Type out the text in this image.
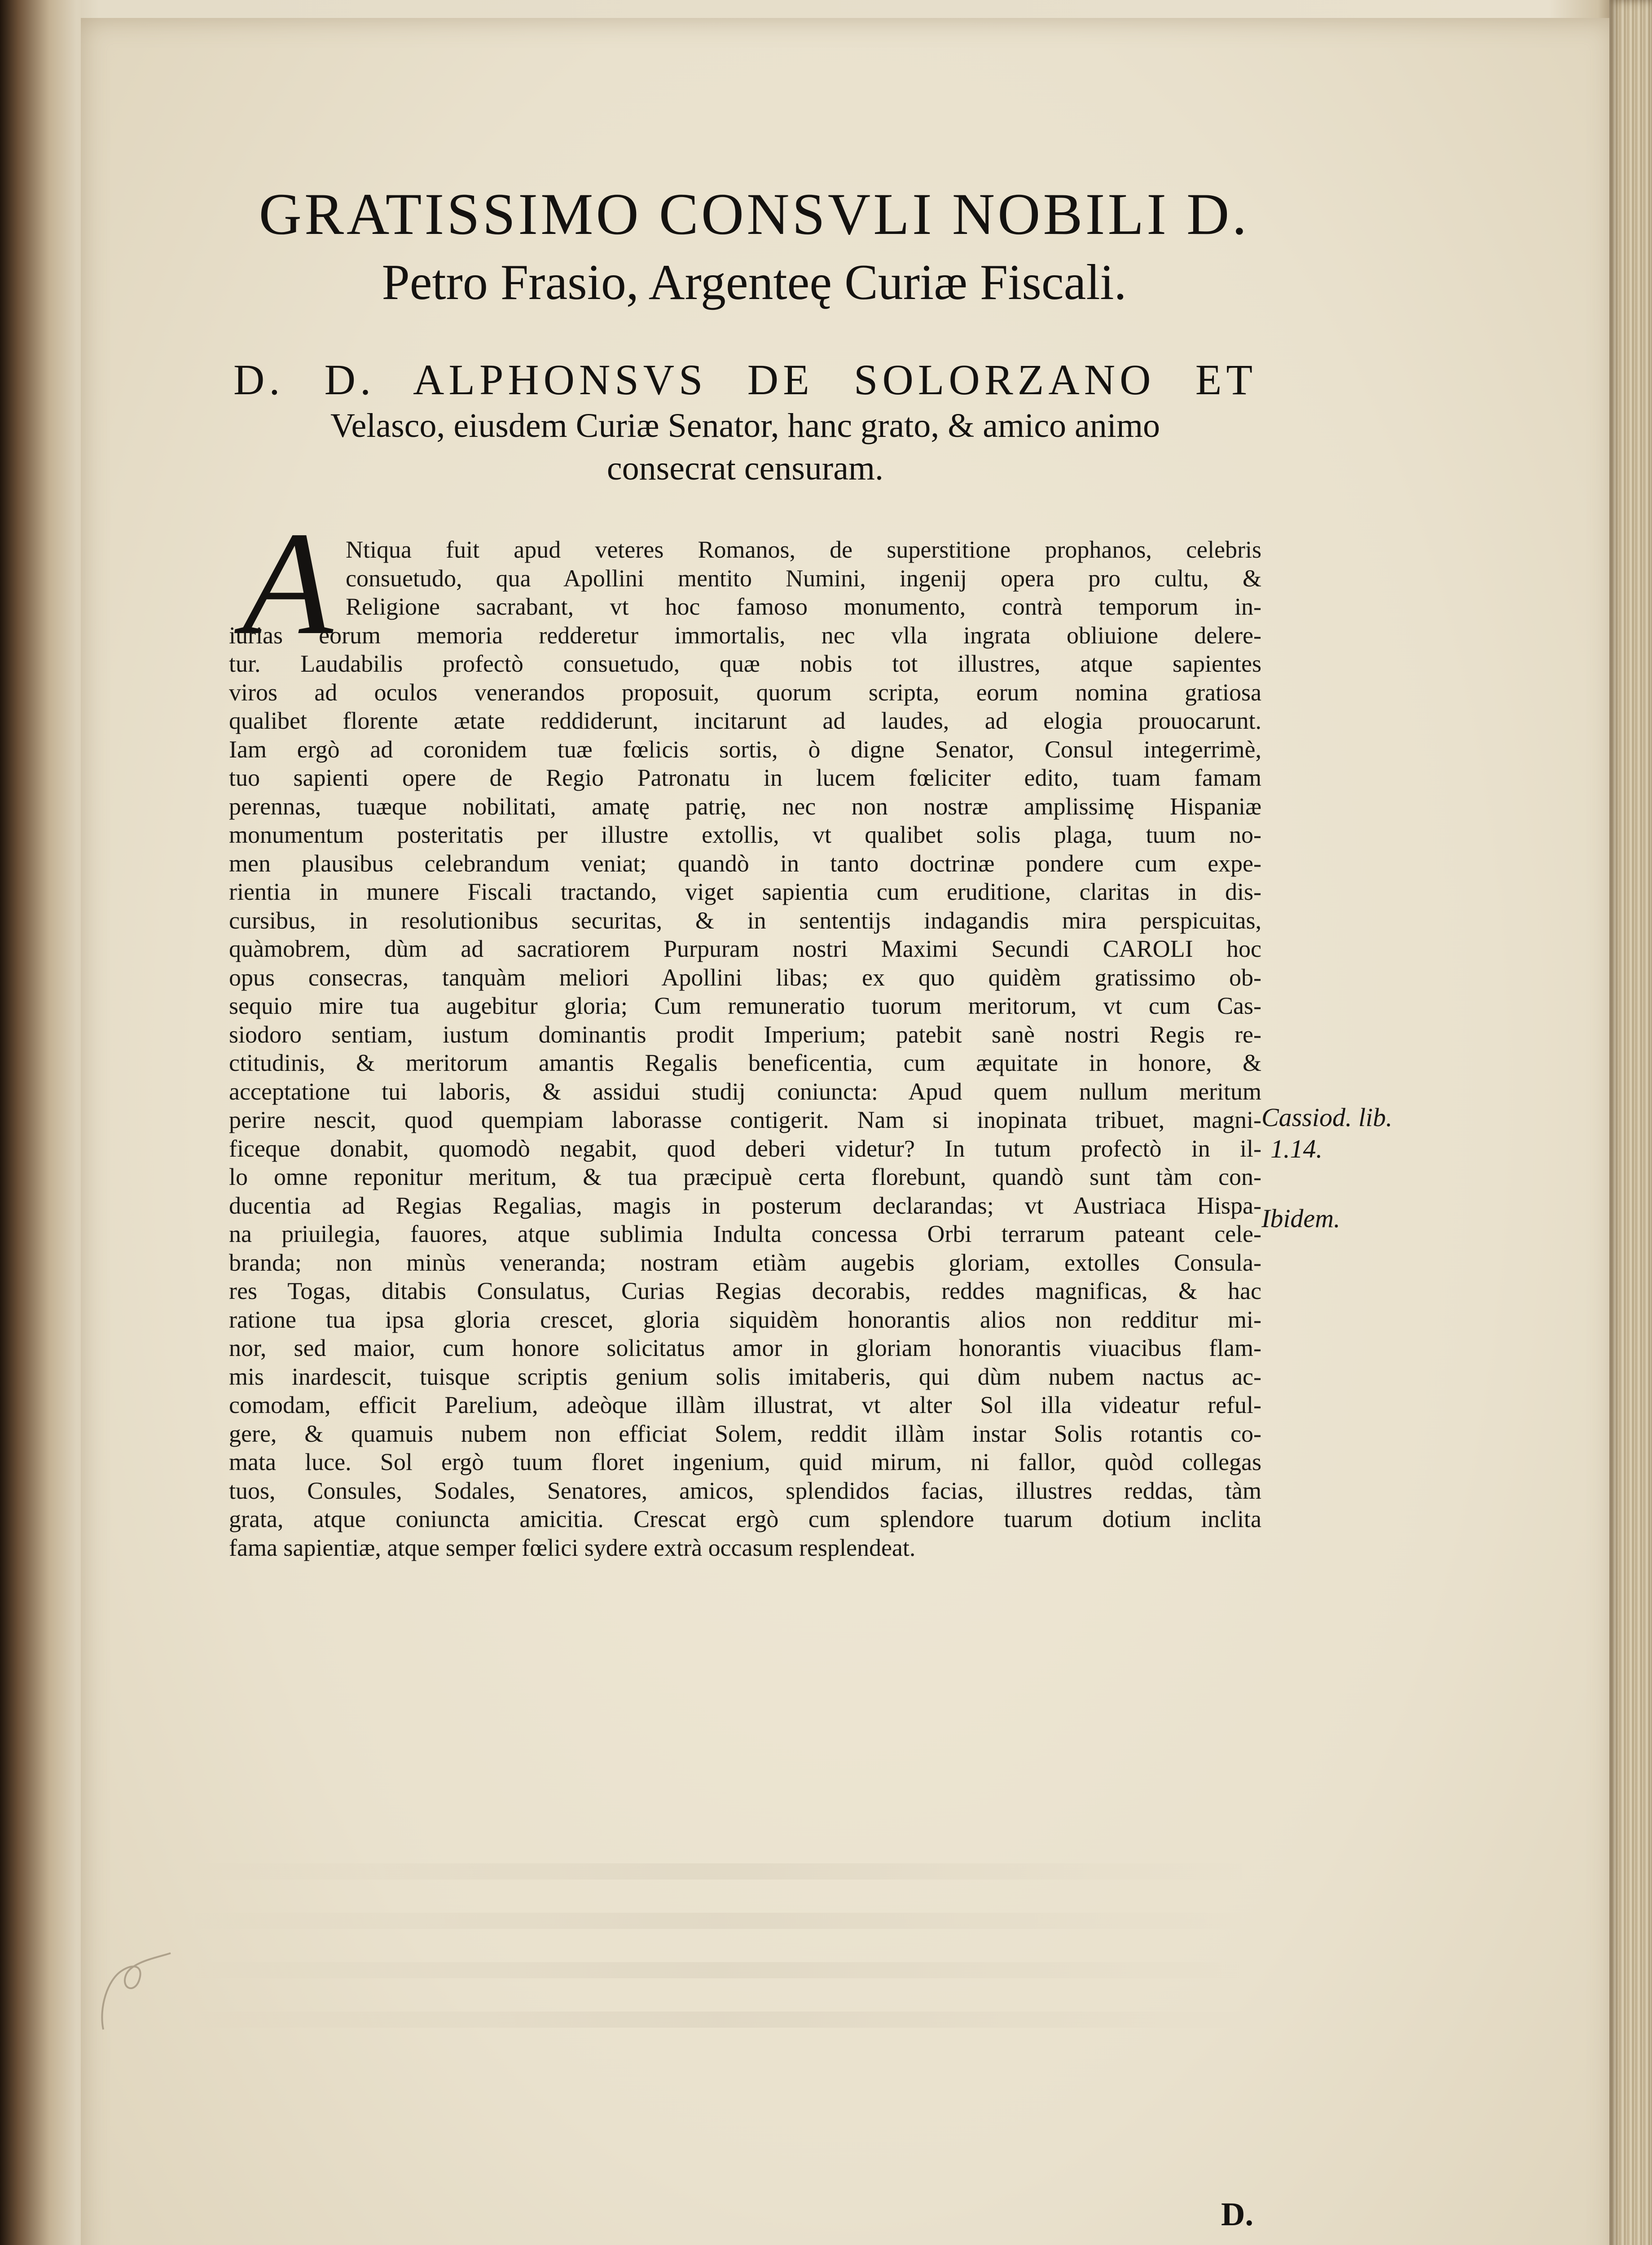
GRATISSIMO CONSVLI NOBILI D.
Petro Frasio, Argenteę Curiæ Fiscali.
D. D. ALPHONSVS DE SOLORZANO ET
Velasco, eiusdem Curiæ Senator, hanc grato, & amico animo
consecrat censuram.
A Ntiqua fuit apud veteres Romanos, de superstitione prophanos, celebris
consuetudo, qua Apollini mentito Numini, ingenij opera pro cultu, &
Religione sacrabant, vt hoc famoso monumento, contrà temporum in-
iurias eorum memoria redderetur immortalis, nec vlla ingrata obliuione delere-
tur. Laudabilis profectò consuetudo, quæ nobis tot illustres, atque sapientes
viros ad oculos venerandos proposuit, quorum scripta, eorum nomina gratiosa
qualibet florente ætate reddiderunt, incitarunt ad laudes, ad elogia prouocarunt.
Iam ergò ad coronidem tuæ fœlicis sortis, ò digne Senator, Consul integerrimè,
tuo sapienti opere de Regio Patronatu in lucem fœliciter edito, tuam famam
perennas, tuæque nobilitati, amatę patrię, nec non nostræ amplissimę Hispaniæ
monumentum posteritatis per illustre extollis, vt qualibet solis plaga, tuum no-
men plausibus celebrandum veniat; quandò in tanto doctrinæ pondere cum expe-
rientia in munere Fiscali tractando, viget sapientia cum eruditione, claritas in dis-
cursibus, in resolutionibus securitas, & in sententijs indagandis mira perspicuitas,
quàmobrem, dùm ad sacratiorem Purpuram nostri Maximi Secundi CAROLI hoc
opus consecras, tanquàm meliori Apollini libas; ex quo quidèm gratissimo ob-
sequio mire tua augebitur gloria; Cum remuneratio tuorum meritorum, vt cum Cas-
siodoro sentiam, iustum dominantis prodit Imperium; patebit sanè nostri Regis re-
ctitudinis, & meritorum amantis Regalis beneficentia, cum æquitate in honore, &
acceptatione tui laboris, & assidui studij coniuncta: Apud quem nullum meritum
perire nescit, quod quempiam laborasse contigerit. Nam si inopinata tribuet, magni-
ficeque donabit, quomodò negabit, quod deberi videtur? In tutum profectò in il-
lo omne reponitur meritum, & tua præcipuè certa florebunt, quandò sunt tàm con-
ducentia ad Regias Regalias, magis in posterum declarandas; vt Austriaca Hispa-
na priuilegia, fauores, atque sublimia Indulta concessa Orbi terrarum pateant cele-
branda; non minùs veneranda; nostram etiàm augebis gloriam, extolles Consula-
res Togas, ditabis Consulatus, Curias Regias decorabis, reddes magnificas, & hac
ratione tua ipsa gloria crescet, gloria siquidèm honorantis alios non redditur mi-
nor, sed maior, cum honore solicitatus amor in gloriam honorantis viuacibus flam-
mis inardescit, tuisque scriptis genium solis imitaberis, qui dùm nubem nactus ac-
comodam, efficit Parelium, adeòque illàm illustrat, vt alter Sol illa videatur reful-
gere, & quamuis nubem non efficiat Solem, reddit illàm instar Solis rotantis co-
mata luce. Sol ergò tuum floret ingenium, quid mirum, ni fallor, quòd collegas
tuos, Consules, Sodales, Senatores, amicos, splendidos facias, illustres reddas, tàm
grata, atque coniuncta amicitia. Crescat ergò cum splendore tuarum dotium inclita
fama sapientiæ, atque semper fœlici sydere extrà occasum resplendeat.
Cassiod. lib.
1.14.
Ibidem.
D.
